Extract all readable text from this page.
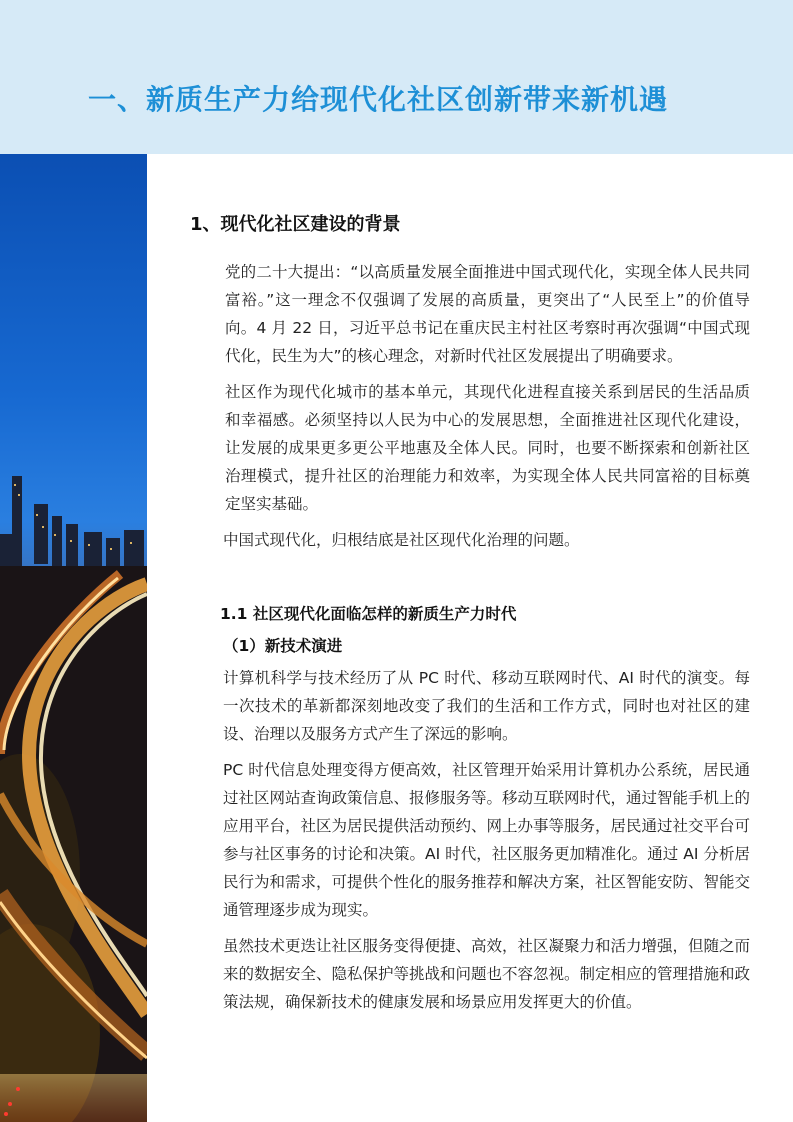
一、新质生产力给现代化社区创新带来新机遇
1、现代化社区建设的背景

党的二十大提出：“以高质量发展全面推进中国式现代化，实现全体人民共同富裕。”这一理念不仅强调了发展的高质量，更突出了“人民至上”的价值导向。4 月 22 日，习近平总书记在重庆民主村社区考察时再次强调“中国式现代化，民生为大”的核心理念，对新时代社区发展提出了明确要求。

社区作为现代化城市的基本单元，其现代化进程直接关系到居民的生活品质和幸福感。必须坚持以人民为中心的发展思想，全面推进社区现代化建设，让发展的成果更多更公平地惠及全体人民。同时，也要不断探索和创新社区治理模式，提升社区的治理能力和效率，为实现全体人民共同富裕的目标奠定坚实基础。

中国式现代化，归根结底是社区现代化治理的问题。

1.1 社区现代化面临怎样的新质生产力时代
（1）新技术演进

计算机科学与技术经历了从 PC 时代、移动互联网时代、AI 时代的演变。每一次技术的革新都深刻地改变了我们的生活和工作方式，同时也对社区的建设、治理以及服务方式产生了深远的影响。

PC 时代信息处理变得方便高效，社区管理开始采用计算机办公系统，居民通过社区网站查询政策信息、报修服务等。移动互联网时代，通过智能手机上的应用平台，社区为居民提供活动预约、网上办事等服务，居民通过社交平台可参与社区事务的讨论和决策。AI 时代，社区服务更加精准化。通过 AI 分析居民行为和需求，可提供个性化的服务推荐和解决方案，社区智能安防、智能交通管理逐步成为现实。

虽然技术更迭让社区服务变得便捷、高效，社区凝聚力和活力增强，但随之而来的数据安全、隐私保护等挑战和问题也不容忽视。制定相应的管理措施和政策法规，确保新技术的健康发展和场景应用发挥更大的价值。
